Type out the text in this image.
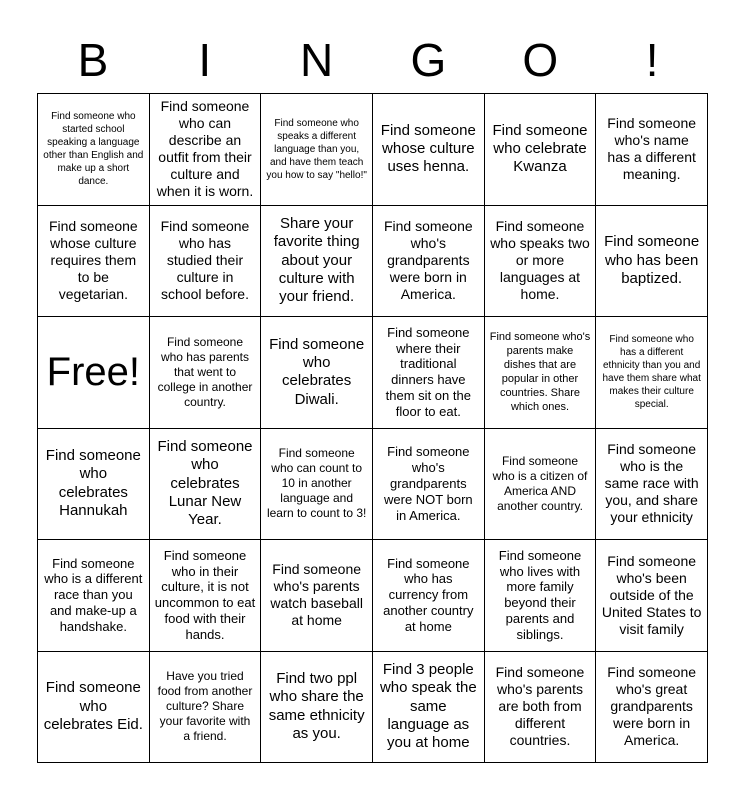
B	I	N	G	O	!
Find someone who started school speaking a language other than English and make up a short dance.
Find someone who can describe an outfit from their culture and when it is worn.
Find someone who speaks a different language than you, and have them teach you how to say "hello!"
Find someone whose culture uses henna.
Find someone who celebrate Kwanza
Find someone who's name has a different meaning.
Find someone whose culture requires them to be vegetarian.
Find someone who has studied their culture in school before.
Share your favorite thing about your culture with your friend.
Find someone who's grandparents were born in America.
Find someone who speaks two or more languages at home.
Find someone who has been baptized.
Free!
Find someone who has parents that went to college in another country.
Find someone who celebrates Diwali.
Find someone where their traditional dinners have them sit on the floor to eat.
Find someone who's parents make dishes that are popular in other countries. Share which ones.
Find someone who has a different ethnicity than you and have them share what makes their culture special.
Find someone who celebrates Hannukah
Find someone who celebrates Lunar New Year.
Find someone who can count to 10 in another language and learn to count to 3!
Find someone who's grandparents were NOT born in America.
Find someone who is a citizen of America AND another country.
Find someone who is the same race with you, and share your ethnicity
Find someone who is a different race than you and make-up a handshake.
Find someone who in their culture, it is not uncommon to eat food with their hands.
Find someone who's parents watch baseball at home
Find someone who has currency from another country at home
Find someone who lives with more family beyond their parents and siblings.
Find someone who's been outside of the United States to visit family
Find someone who celebrates Eid.
Have you tried food from another culture? Share your favorite with a friend.
Find two ppl who share the same ethnicity as you.
Find 3 people who speak the same language as you at home
Find someone who's parents are both from different countries.
Find someone who's great grandparents were born in America.
